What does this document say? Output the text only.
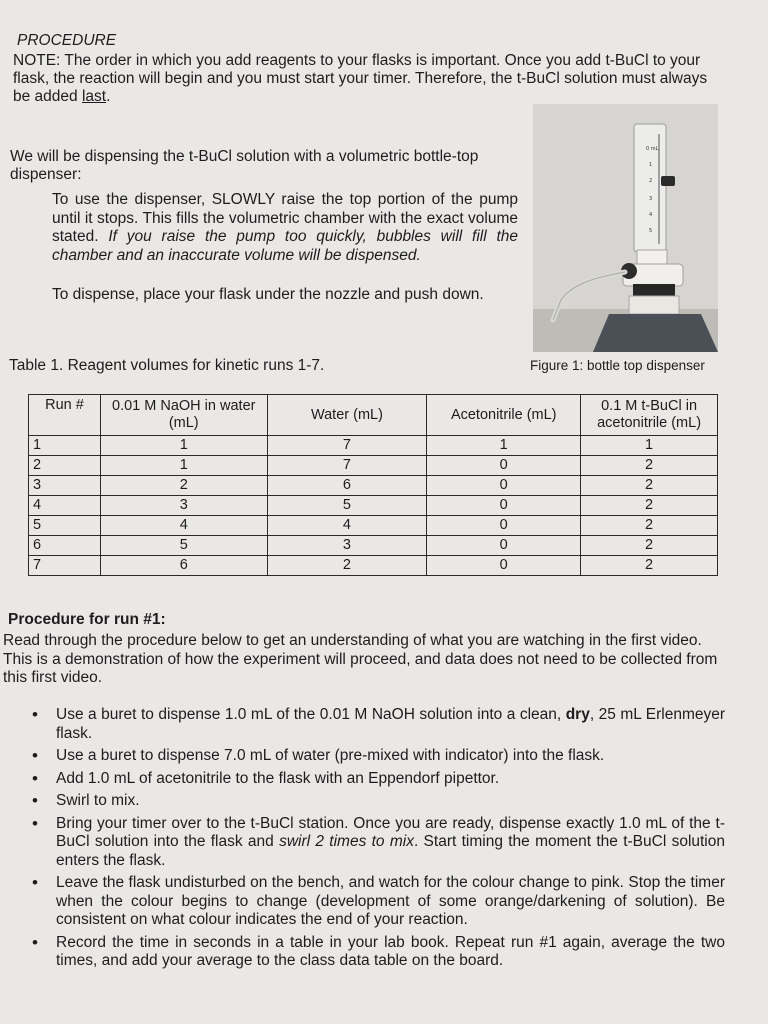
PROCEDURE
NOTE: The order in which you add reagents to your flasks is important. Once you add t-BuCl to your flask, the reaction will begin and you must start your timer. Therefore, the t-BuCl solution must always be added last.
We will be dispensing the t-BuCl solution with a volumetric bottle-top dispenser:
To use the dispenser, SLOWLY raise the top portion of the pump until it stops. This fills the volumetric chamber with the exact volume stated. If you raise the pump too quickly, bubbles will fill the chamber and an inaccurate volume will be dispensed.
To dispense, place your flask under the nozzle and push down.
0 mL
1
2
3
4
5
Figure 1: bottle top dispenser
Table 1. Reagent volumes for kinetic runs 1-7.
Run #	0.01 M NaOH in water (mL)	Water (mL)	Acetonitrile (mL)	0.1 M t-BuCl in acetonitrile (mL)
1	1	7	1	1
2	1	7	0	2
3	2	6	0	2
4	3	5	0	2
5	4	4	0	2
6	5	3	0	2
7	6	2	0	2
Procedure for run #1:
Read through the procedure below to get an understanding of what you are watching in the first video. This is a demonstration of how the experiment will proceed, and data does not need to be collected from this first video.
• Use a buret to dispense 1.0 mL of the 0.01 M NaOH solution into a clean, dry, 25 mL Erlenmeyer flask.
• Use a buret to dispense 7.0 mL of water (pre-mixed with indicator) into the flask.
• Add 1.0 mL of acetonitrile to the flask with an Eppendorf pipettor.
• Swirl to mix.
• Bring your timer over to the t-BuCl station. Once you are ready, dispense exactly 1.0 mL of the t-BuCl solution into the flask and swirl 2 times to mix. Start timing the moment the t-BuCl solution enters the flask.
• Leave the flask undisturbed on the bench, and watch for the colour change to pink. Stop the timer when the colour begins to change (development of some orange/darkening of solution). Be consistent on what colour indicates the end of your reaction.
• Record the time in seconds in a table in your lab book. Repeat run #1 again, average the two times, and add your average to the class data table on the board.
